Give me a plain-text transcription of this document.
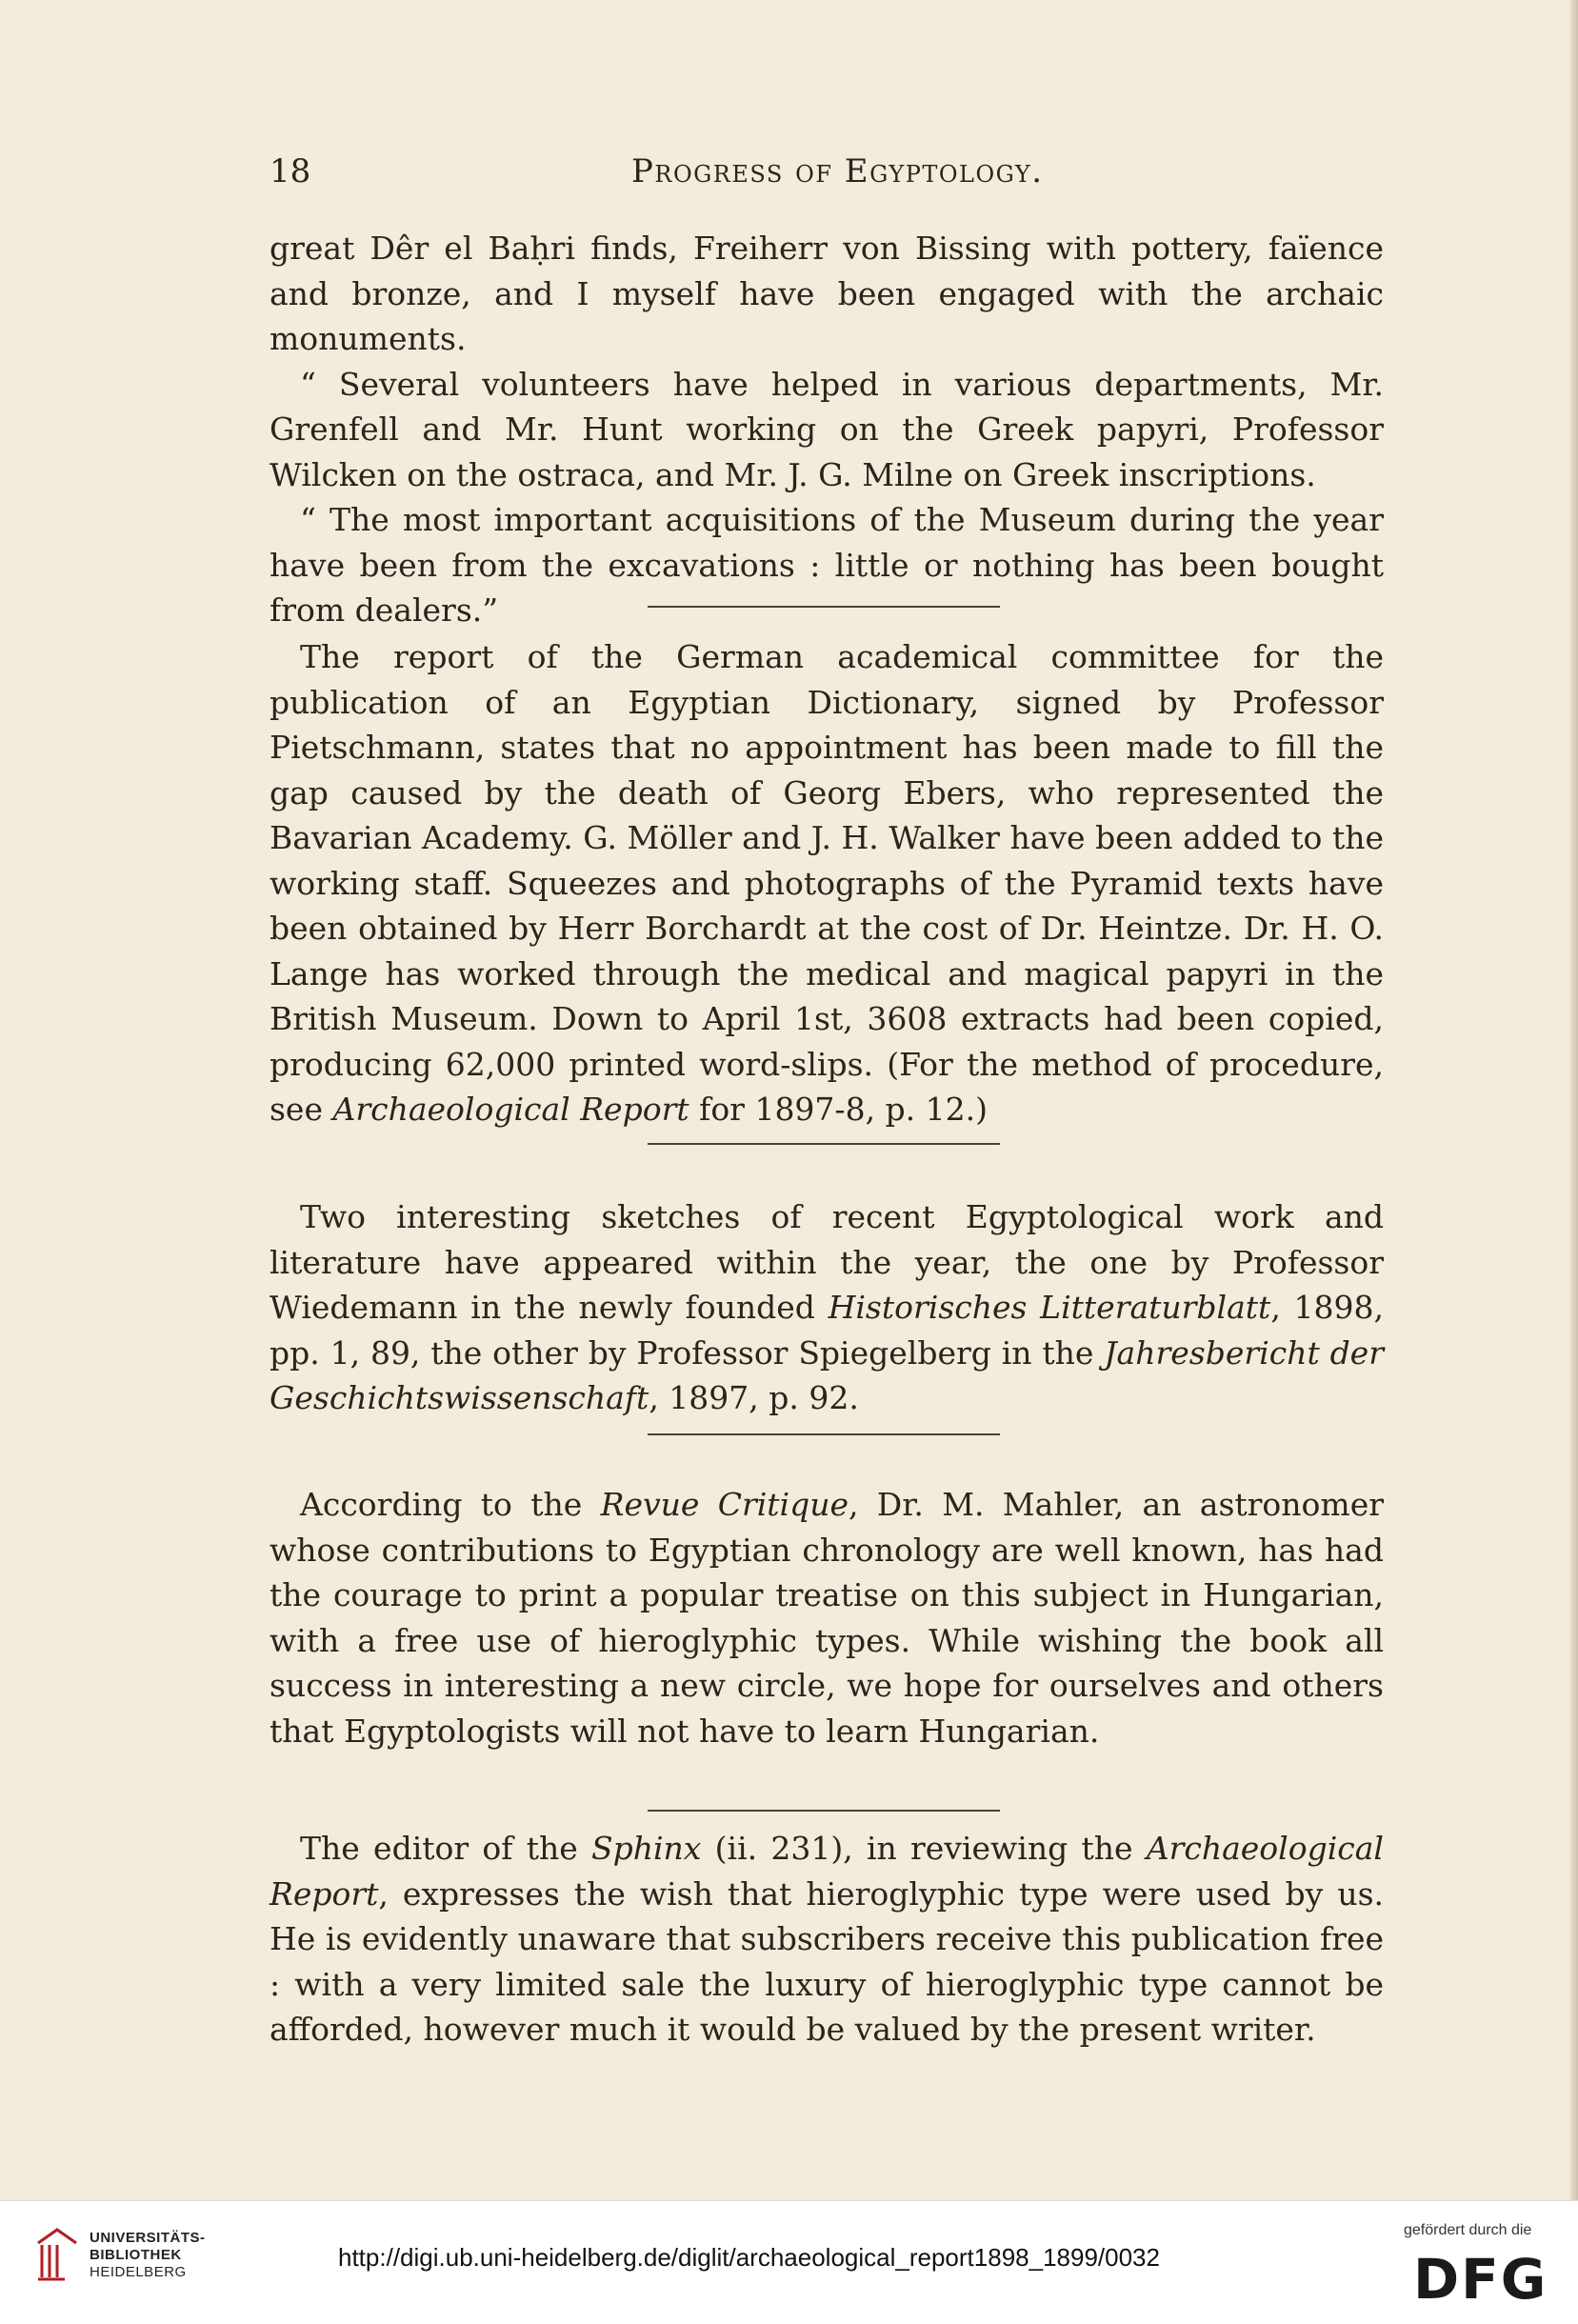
18	Progress of Egyptology.

great Dêr el Baḥri finds, Freiherr von Bissing with pottery, faïence and bronze, and I myself have been engaged with the archaic monuments.

“ Several volunteers have helped in various departments, Mr. Grenfell and Mr. Hunt working on the Greek papyri, Professor Wilcken on the ostraca, and Mr. J. G. Milne on Greek inscriptions.

“ The most important acquisitions of the Museum during the year have been from the excavations : little or nothing has been bought from dealers.”

The report of the German academical committee for the publication of an Egyptian Dictionary, signed by Professor Pietschmann, states that no appointment has been made to fill the gap caused by the death of Georg Ebers, who represented the Bavarian Academy. G. Möller and J. H. Walker have been added to the working staff. Squeezes and photographs of the Pyramid texts have been obtained by Herr Borchardt at the cost of Dr. Heintze. Dr. H. O. Lange has worked through the medical and magical papyri in the British Museum. Down to April 1st, 3608 extracts had been copied, producing 62,000 printed word-slips. (For the method of procedure, see Archaeological Report for 1897-8, p. 12.)

Two interesting sketches of recent Egyptological work and literature have appeared within the year, the one by Professor Wiedemann in the newly founded Historisches Litteraturblatt, 1898, pp. 1, 89, the other by Professor Spiegelberg in the Jahresbericht der Geschichtswissenschaft, 1897, p. 92.

According to the Revue Critique, Dr. M. Mahler, an astronomer whose contributions to Egyptian chronology are well known, has had the courage to print a popular treatise on this subject in Hungarian, with a free use of hieroglyphic types. While wishing the book all success in interesting a new circle, we hope for ourselves and others that Egyptologists will not have to learn Hungarian.

The editor of the Sphinx (ii. 231), in reviewing the Archaeological Report, expresses the wish that hieroglyphic type were used by us. He is evidently unaware that subscribers receive this publication free : with a very limited sale the luxury of hieroglyphic type cannot be afforded, however much it would be valued by the present writer.

UNIVERSITÄTS-
BIBLIOTHEK
HEIDELBERG
http://digi.ub.uni-heidelberg.de/diglit/archaeological_report1898_1899/0032
gefördert durch die
DFG
